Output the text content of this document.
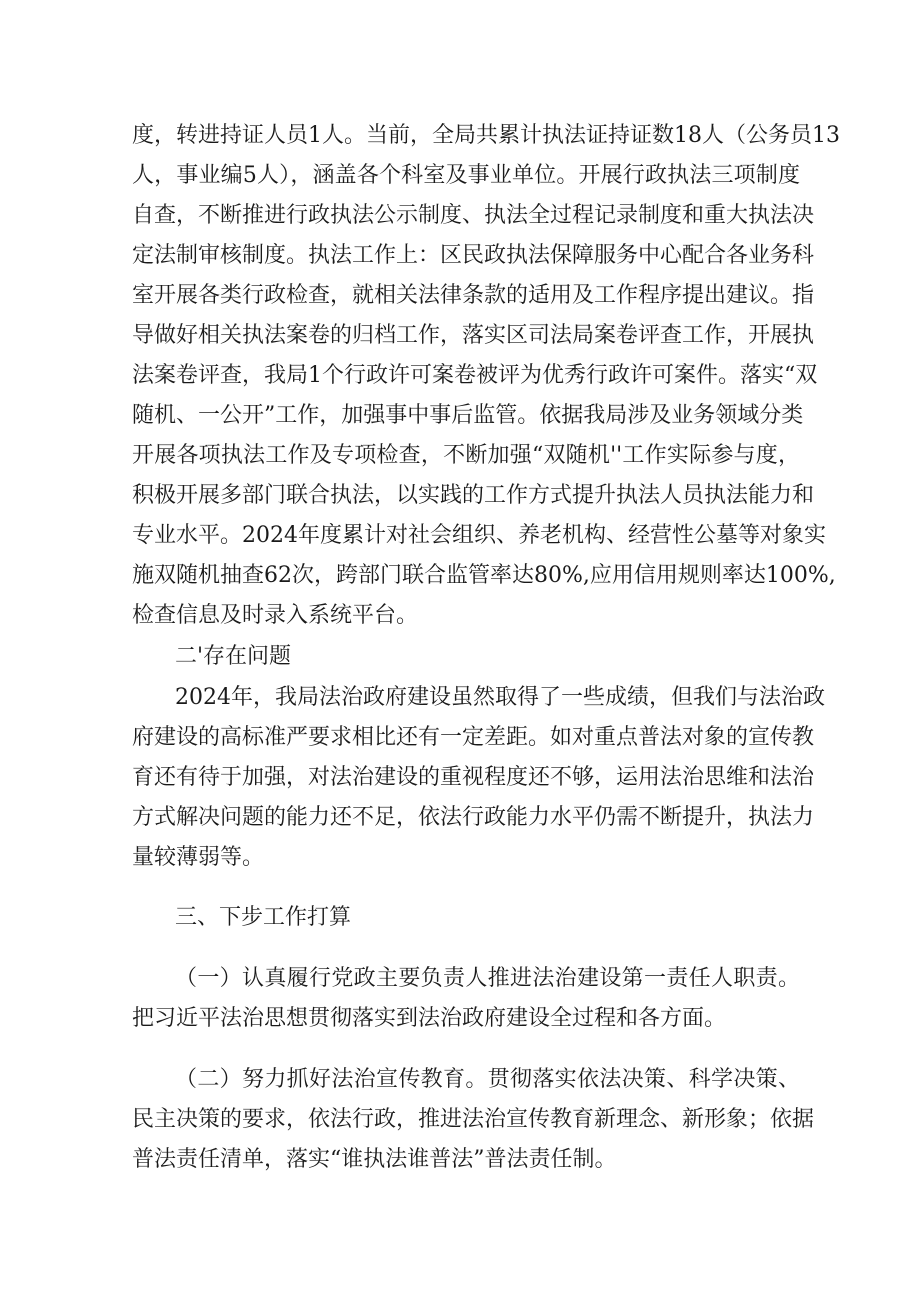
度，转进持证人员1人。当前，全局共累计执法证持证数18人（公务员13
人，事业编5人），涵盖各个科室及事业单位。开展行政执法三项制度
自查，不断推进行政执法公示制度、执法全过程记录制度和重大执法决
定法制审核制度。执法工作上：区民政执法保障服务中心配合各业务科
室开展各类行政检查，就相关法律条款的适用及工作程序提出建议。指
导做好相关执法案卷的归档工作，落实区司法局案卷评查工作，开展执
法案卷评查，我局1个行政许可案卷被评为优秀行政许可案件。落实“双
随机、一公开”工作，加强事中事后监管。依据我局涉及业务领域分类
开展各项执法工作及专项检查，不断加强“双随机''工作实际参与度，
积极开展多部门联合执法，以实践的工作方式提升执法人员执法能力和
专业水平。2024年度累计对社会组织、养老机构、经营性公墓等对象实
施双随机抽查62次，跨部门联合监管率达80%,应用信用规则率达100%,
检查信息及时录入系统平台。
二'存在问题
2024年，我局法治政府建设虽然取得了一些成绩，但我们与法治政
府建设的高标准严要求相比还有一定差距。如对重点普法对象的宣传教
育还有待于加强，对法治建设的重视程度还不够，运用法治思维和法治
方式解决问题的能力还不足，依法行政能力水平仍需不断提升，执法力
量较薄弱等。
三、下步工作打算
（一）认真履行党政主要负责人推进法治建设第一责任人职责。
把习近平法治思想贯彻落实到法治政府建设全过程和各方面。
（二）努力抓好法治宣传教育。贯彻落实依法决策、科学决策、
民主决策的要求，依法行政，推进法治宣传教育新理念、新形象；依据
普法责任清单，落实“谁执法谁普法”普法责任制。
